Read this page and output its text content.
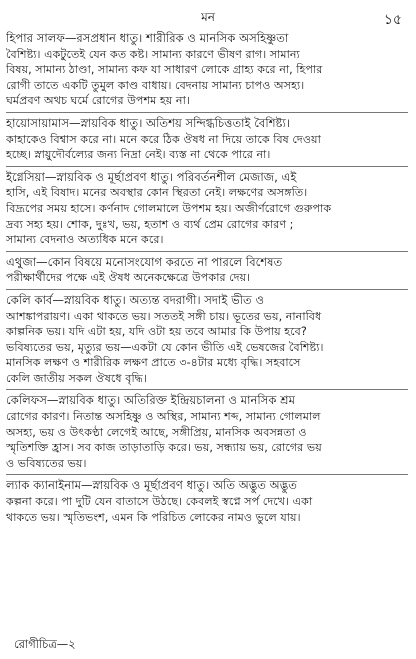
মন	১৫
হিপার সালফ—রসপ্রধান ধাতু। শারীরিক ও মানসিক অসহিষ্ণুতা
বৈশিষ্ট্য। একটুতেই যেন কত কষ্ট। সামান্য কারণে ভীষণ রাগ। সামান্য
বিষয়, সামান্য ঠাণ্ডা, সামান্য কফ যা সাধারণ লোকে গ্রাহ্য করে না, হিপার
রোগী তাতে একটি তুমুল কাণ্ড বাধায়। বেদনায় সামান্য চাপও অসহ্য।
ঘর্মপ্রবণ অথচ ঘর্মে রোগের উপশম হয় না।
হায়োসায়ামাস—স্নায়বিক ধাতু। অতিশয় সন্দিগ্ধচিত্ততাই বৈশিষ্ট্য।
কাহাকেও বিশ্বাস করে না। মনে করে ঠিক ঔষধ না দিয়ে তাকে বিষ দেওয়া
হচ্ছে। স্নায়ুদৌর্বল্যের জন্য নিদ্রা নেই। ব্যস্ত না থেকে পারে না।
ইগ্নেসিয়া—স্নায়বিক ও মূর্ছাপ্রবণ ধাতু। পরিবর্তনশীল মেজাজ, এই
হাসি, এই বিষাদ। মনের অবস্থার কোন স্থিরতা নেই। লক্ষণের অসঙ্গতি।
বিদ্রূপের সময় হাসে। কর্ণনাদ গোলমালে উপশম হয়। অজীর্ণরোগে গুরুপাক
দ্রব্য সহ্য হয়। শোক, দুঃখ, ভয়, হতাশ ও ব্যর্থ প্রেম রোগের কারণ ;
সামান্য বেদনাও অত্যধিক মনে করে।
এথুজা—কোন বিষয়ে মনোসংযোগ করতে না পারলে বিশেষত
পরীক্ষার্থীদের পক্ষে এই ঔষধ অনেকক্ষেত্রে উপকার দেয়।
কেলি কার্ব—স্নায়বিক ধাতু। অত্যন্ত বদরাগী। সদাই ভীত ও
আশঙ্কাপরায়ণ। একা থাকতে ভয়। সততই সঙ্গী চায়। ভূতের ভয়, নানাবিধ
কাল্পনিক ভয়। যদি এটা হয়, যদি ওটা হয় তবে আমার কি উপায় হবে?
ভবিষ্যতের ভয়, মৃত্যুর ভয়—একটা যে কোন ভীতি এই ভেষজের বৈশিষ্ট্য।
মানসিক লক্ষণ ও শারীরিক লক্ষণ প্রাতে ৩-৪টার মধ্যে বৃদ্ধি। সহবাসে
কেলি জাতীয় সকল ঔষধে বৃদ্ধি।
কেলিফস—স্নায়বিক ধাতু। অতিরিক্ত ইন্দ্রিয়চালনা ও মানসিক শ্রম
রোগের কারণ। নিতান্ত অসহিষ্ণু ও অস্থির, সামান্য শব্দ, সামান্য গোলমাল
অসহ্য, ভয় ও উৎকণ্ঠা লেগেই আছে, সঙ্গীপ্রিয়, মানসিক অবসন্নতা ও
স্মৃতিশক্তি হ্রাস। সব কাজ তাড়াতাড়ি করে। ভয়, সন্ধ্যায় ভয়, রোগের ভয়
ও ভবিষ্যতের ভয়।
ল্যাক ক্যানাইনাম—স্নায়বিক ও মূর্ছাপ্রবণ ধাতু। অতি অদ্ভুত অদ্ভুত
কল্পনা করে। পা দুটি যেন বাতাসে উঠছে। কেবলই স্বপ্নে সর্প দেখে। একা
থাকতে ভয়। স্মৃতিভংশ, এমন কি পরিচিত লোকের নামও ভুলে যায়।
রোগীচিত্র—২
